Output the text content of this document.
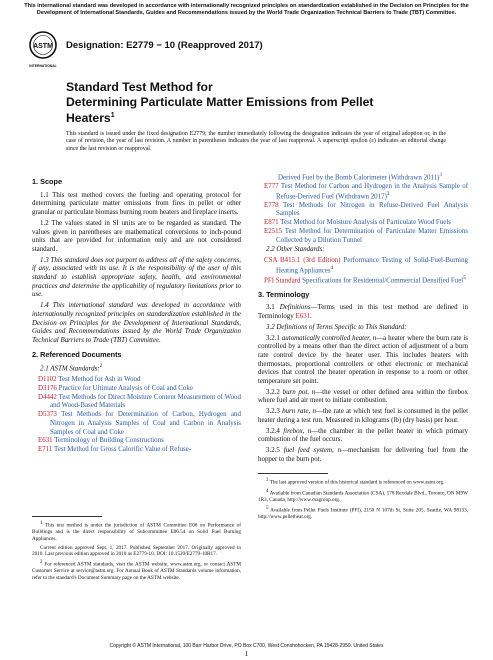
This international standard was developed in accordance with internationally recognized principles on standardization established in the Decision on Principles for the Development of International Standards, Guides and Recommendations issued by the World Trade Organization Technical Barriers to Trade (TBT) Committee.
ASTM
INTERNATIONAL
Designation: E2779 − 10 (Reapproved 2017)
Standard Test Method for
Determining Particulate Matter Emissions from Pellet
Heaters$^1$
This standard is issued under the fixed designation E2779; the number immediately following the designation indicates the year of original adoption or, in the case of revision, the year of last revision. A number in parentheses indicates the year of last reapproval. A superscript epsilon (ε) indicates an editorial change since the last revision or reapproval.
1. Scope
1.1 This test method covers the fueling and operating protocol for determining particulate matter emissions from fires in pellet or other granular or particulate biomass burning room heaters and fireplace inserts.
1.2 The values stated in SI units are to be regarded as standard. The values given in parentheses are mathematical conversions to inch-pound units that are provided for information only and are not considered standard.
1.3 This standard does not purport to address all of the safety concerns, if any, associated with its use. It is the responsibility of the user of this standard to establish appropriate safety, health, and environmental practices and determine the applicability of regulatory limitations prior to use.
1.4 This international standard was developed in accordance with internationally recognized principles on standardization established in the Decision on Principles for the Development of International Standards, Guides and Recommendations issued by the World Trade Organization Technical Barriers to Trade (TBT) Committee.
2. Referenced Documents
2.1 ASTM Standards:$^2$
D1102 Test Method for Ash in Wood
D3176 Practice for Ultimate Analysis of Coal and Coke
D4442 Test Methods for Direct Moisture Content Measurement of Wood and Wood-Based Materials
D5373 Test Methods for Determination of Carbon, Hydrogen and Nitrogen in Analysis Samples of Coal and Carbon in Analysis Samples of Coal and Coke
E631 Terminology of Building Constructions
E711 Test Method for Gross Calorific Value of Refuse-
$^1$ This test method is under the jurisdiction of ASTM Committee E06 on Performance of Buildings and is the direct responsibility of Subcommittee E06.54 on Solid Fuel Burning Appliances.
Current edition approved Sept. 1, 2017. Published September 2017. Originally approved in 2010. Last previous edition approved in 2010 as E2779-10. DOI: 10.1520/E2779-10R17.
$^2$ For referenced ASTM standards, visit the ASTM website, www.astm.org, or contact ASTM Customer Service at service@astm.org. For Annual Book of ASTM Standards volume information, refer to the standard's Document Summary page on the ASTM website.
Derived Fuel by the Bomb Calorimeter (Withdrawn 2011)$^3$
E777 Test Method for Carbon and Hydrogen in the Analysis Sample of Refuse-Derived Fuel (Withdrawn 2017)$^3$
E778 Test Methods for Nitrogen in Refuse-Derived Fuel Analysis Samples
E871 Test Method for Moisture Analysis of Particulate Wood Fuels
E2515 Test Method for Determination of Particulate Matter Emissions Collected by a Dilution Tunnel
2.2 Other Standards:
CSA B415.1 (3rd Edition) Performance Testing of Solid-Fuel-Burning Heating Appliances$^4$
PFI Standard Specifications for Residential/Commercial Densified Fuel$^5$
3. Terminology
3.1 Definitions—Terms used in this test method are defined in Terminology E631.
3.2 Definitions of Terms Specific to This Standard:
3.2.1 automatically controlled heater, n—a heater where the burn rate is controlled by a means other than the direct action of adjustment of a burn rate control device by the heater user. This includes heaters with thermostats, proportional controllers or other electronic or mechanical devices that control the heater operation in response to a room or other temperature set point.
3.2.2 burn pot, n—the vessel or other defined area within the firebox where fuel and air meet to initiate combustion.
3.2.3 burn rate, n—the rate at which test fuel is consumed in the pellet heater during a test run. Measured in kilograms (lb) (dry basis) per hour.
3.2.4 firebox, n—the chamber in the pellet heater in which primary combustion of the fuel occurs.
3.2.5 fuel feed system, n—mechanism for delivering fuel from the hopper to the burn pot.
$^3$ The last approved version of this historical standard is referenced on www.astm.org.
$^4$ Available from Canadian Standards Association (CSA), 178 Rexdale Blvd., Toronto, ON M9W 1R3, Canada, http://www.csagroup.org.
$^5$ Available from Pellet Fuels Institute (PFI), 2150 N 107th St, Suite 205, Seattle, WA 98133, http://www.pelletheat.org.
Copyright © ASTM International, 100 Barr Harbor Drive, PO Box C700, West Conshohocken, PA 19428-2959. United States
1
